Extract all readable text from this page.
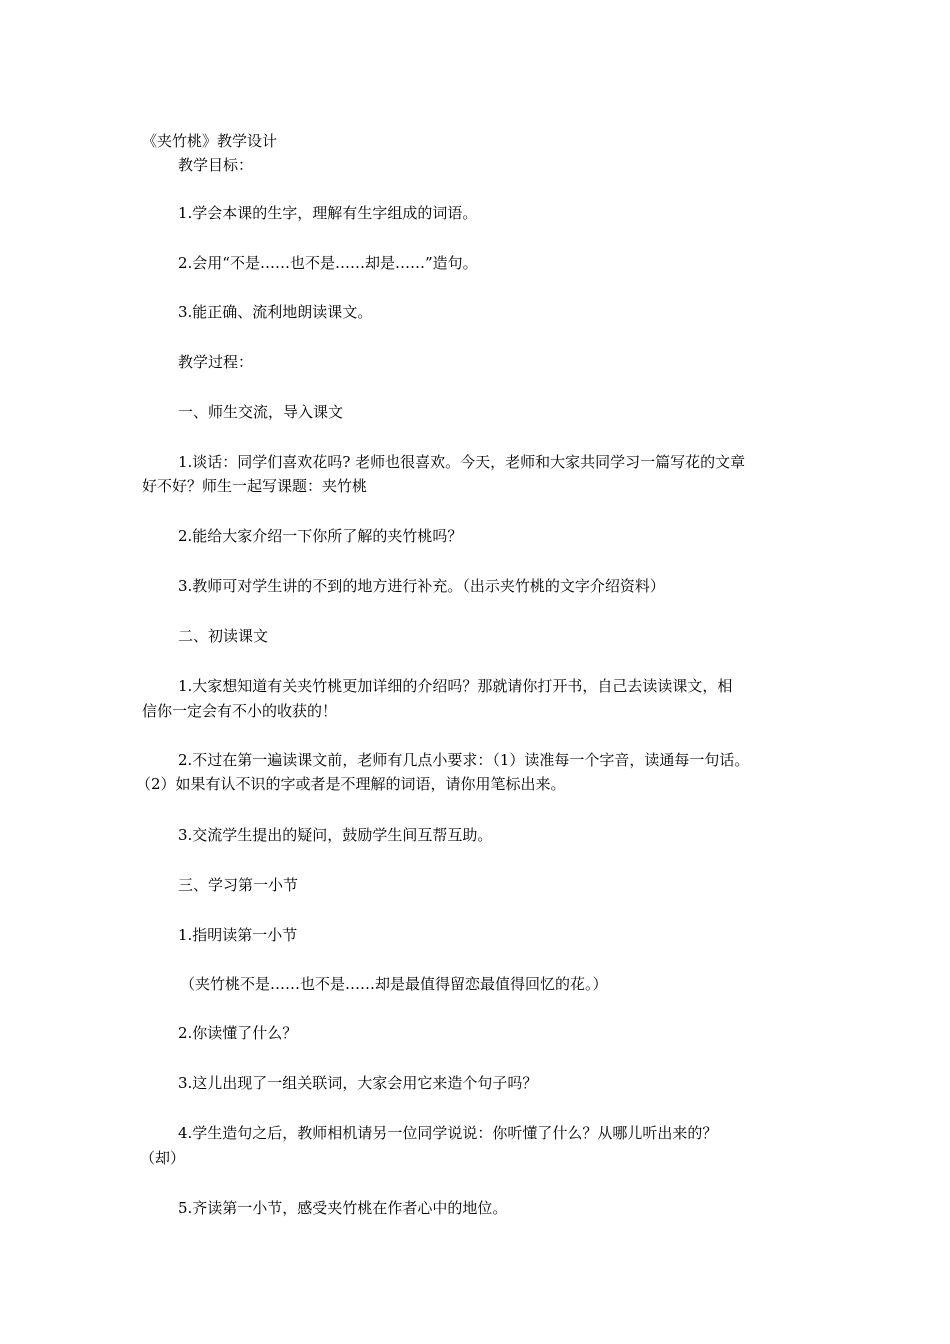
《夹竹桃》教学设计
教学目标：
1.学会本课的生字，理解有生字组成的词语。
2.会用“不是……也不是……却是……”造句。
3.能正确、流利地朗读课文。
教学过程：
一、师生交流，导入课文
1.谈话：同学们喜欢花吗? 老师也很喜欢。今天，老师和大家共同学习一篇写花的文章
好不好？师生一起写课题：夹竹桃
2.能给大家介绍一下你所了解的夹竹桃吗？
3.教师可对学生讲的不到的地方进行补充。（出示夹竹桃的文字介绍资料）
二、初读课文
1.大家想知道有关夹竹桃更加详细的介绍吗？那就请你打开书，自己去读读课文，相
信你一定会有不小的收获的！
2.不过在第一遍读课文前，老师有几点小要求：（1）读准每一个字音，读通每一句话。
（2）如果有认不识的字或者是不理解的词语，请你用笔标出来。
3.交流学生提出的疑问，鼓励学生间互帮互助。
三、学习第一小节
1.指明读第一小节
（夹竹桃不是……也不是……却是最值得留恋最值得回忆的花。）
2.你读懂了什么？
3.这儿出现了一组关联词，大家会用它来造个句子吗？
4.学生造句之后，教师相机请另一位同学说说：你听懂了什么？从哪儿听出来的？
（却）
5.齐读第一小节，感受夹竹桃在作者心中的地位。
